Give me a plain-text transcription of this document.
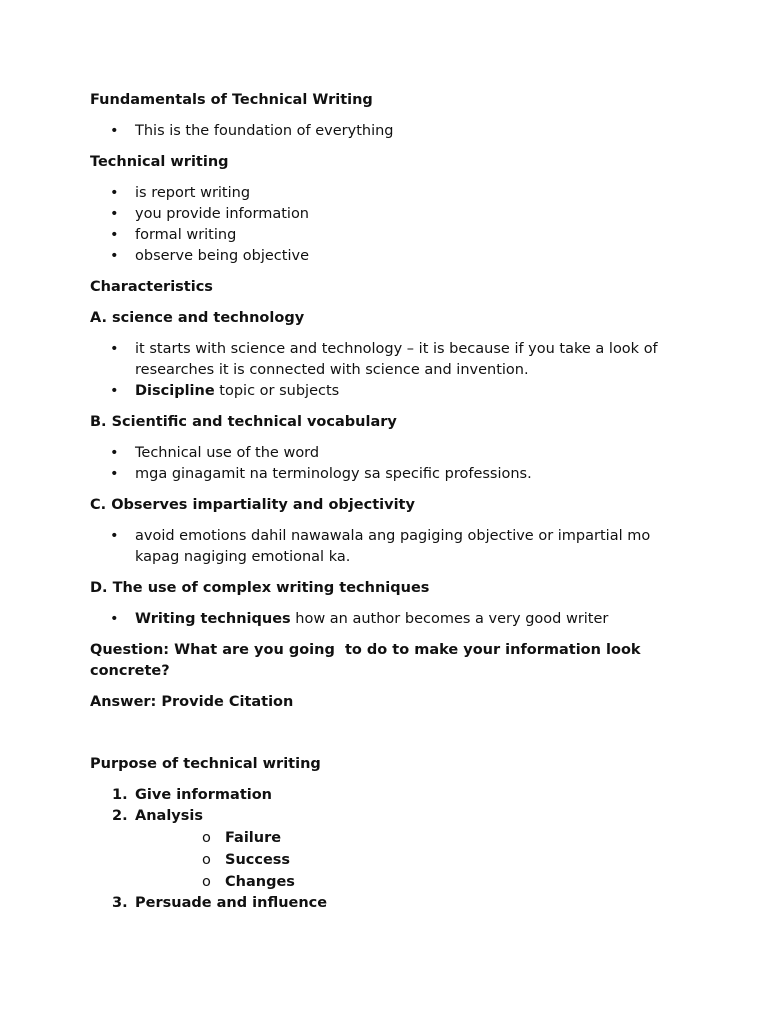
Fundamentals of Technical Writing

• This is the foundation of everything

Technical writing

• is report writing
• you provide information
• formal writing
• observe being objective

Characteristics

A. science and technology

• it starts with science and technology – it is because if you take a look of researches it is connected with science and invention.
• Discipline topic or subjects

B. Scientific and technical vocabulary

• Technical use of the word
• mga ginagamit na terminology sa specific professions.

C. Observes impartiality and objectivity

• avoid emotions dahil nawawala ang pagiging objective or impartial mo kapag nagiging emotional ka.

D. The use of complex writing techniques

• Writing techniques how an author becomes a very good writer

Question: What are you going  to do to make your information look concrete?

Answer: Provide Citation

Purpose of technical writing

1. Give information
2. Analysis
o Failure
o Success
o Changes
3. Persuade and influence
